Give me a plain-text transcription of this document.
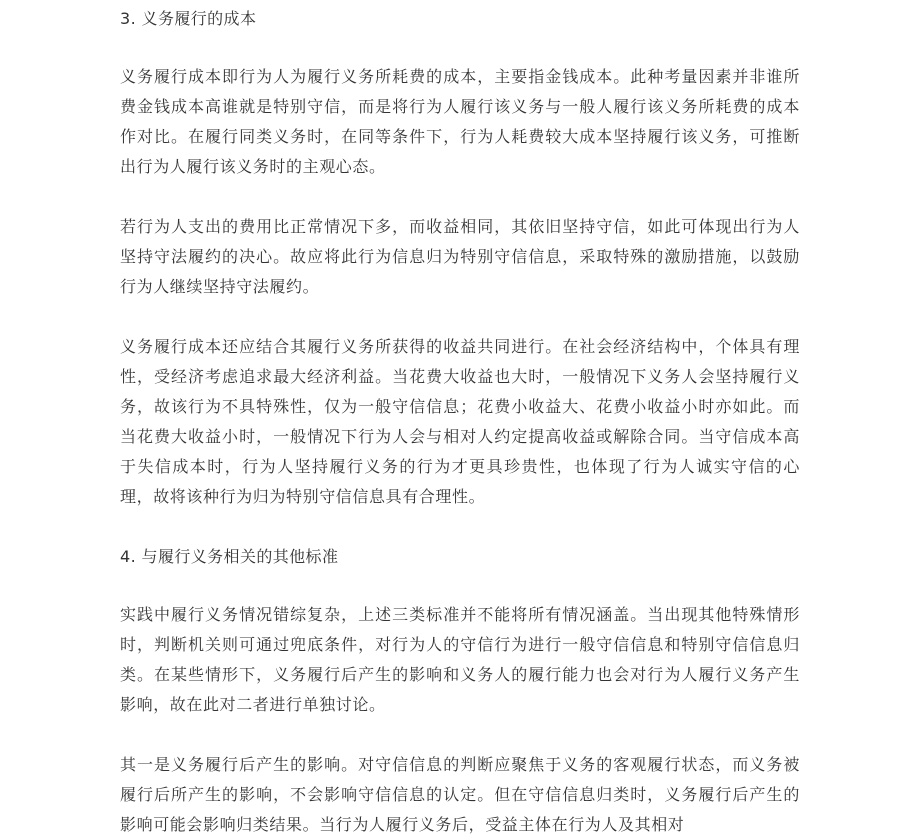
3. 义务履行的成本

义务履行成本即行为人为履行义务所耗费的成本，主要指金钱成本。此种考量因素并非谁所费金钱成本高谁就是特别守信，而是将行为人履行该义务与一般人履行该义务所耗费的成本作对比。在履行同类义务时，在同等条件下，行为人耗费较大成本坚持履行该义务，可推断出行为人履行该义务时的主观心态。

若行为人支出的费用比正常情况下多，而收益相同，其依旧坚持守信，如此可体现出行为人坚持守法履约的决心。故应将此行为信息归为特别守信信息，采取特殊的激励措施，以鼓励行为人继续坚持守法履约。

义务履行成本还应结合其履行义务所获得的收益共同进行。在社会经济结构中，个体具有理性，受经济考虑追求最大经济利益。当花费大收益也大时，一般情况下义务人会坚持履行义务，故该行为不具特殊性，仅为一般守信信息；花费小收益大、花费小收益小时亦如此。而当花费大收益小时，一般情况下行为人会与相对人约定提高收益或解除合同。当守信成本高于失信成本时，行为人坚持履行义务的行为才更具珍贵性，也体现了行为人诚实守信的心理，故将该种行为归为特别守信信息具有合理性。

4. 与履行义务相关的其他标准

实践中履行义务情况错综复杂，上述三类标准并不能将所有情况涵盖。当出现其他特殊情形时，判断机关则可通过兜底条件，对行为人的守信行为进行一般守信信息和特别守信信息归类。在某些情形下，义务履行后产生的影响和义务人的履行能力也会对行为人履行义务产生影响，故在此对二者进行单独讨论。

其一是义务履行后产生的影响。对守信信息的判断应聚焦于义务的客观履行状态，而义务被履行后所产生的影响，不会影响守信信息的认定。但在守信信息归类时，义务履行后产生的影响可能会影响归类结果。当行为人履行义务后，受益主体在行为人及其相对
